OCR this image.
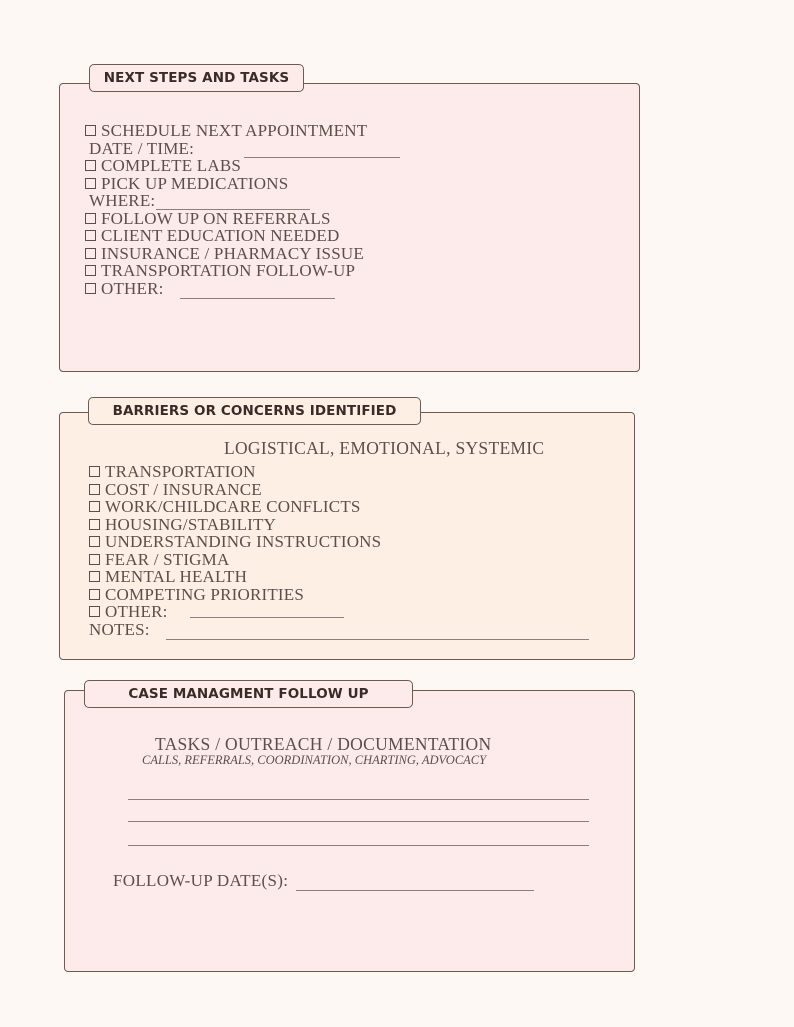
NEXT STEPS AND TASKS
SCHEDULE NEXT APPOINTMENT
DATE / TIME:
COMPLETE LABS
PICK UP MEDICATIONS
WHERE:
FOLLOW UP ON REFERRALS
CLIENT EDUCATION NEEDED
INSURANCE / PHARMACY ISSUE
TRANSPORTATION FOLLOW-UP
OTHER:
BARRIERS OR CONCERNS IDENTIFIED
LOGISTICAL, EMOTIONAL, SYSTEMIC
TRANSPORTATION
COST / INSURANCE
WORK/CHILDCARE CONFLICTS
HOUSING/STABILITY
UNDERSTANDING INSTRUCTIONS
FEAR / STIGMA
MENTAL HEALTH
COMPETING PRIORITIES
OTHER:
NOTES:
CASE MANAGMENT FOLLOW UP
TASKS / OUTREACH / DOCUMENTATION
CALLS, REFERRALS, COORDINATION, CHARTING, ADVOCACY
FOLLOW-UP DATE(S):
